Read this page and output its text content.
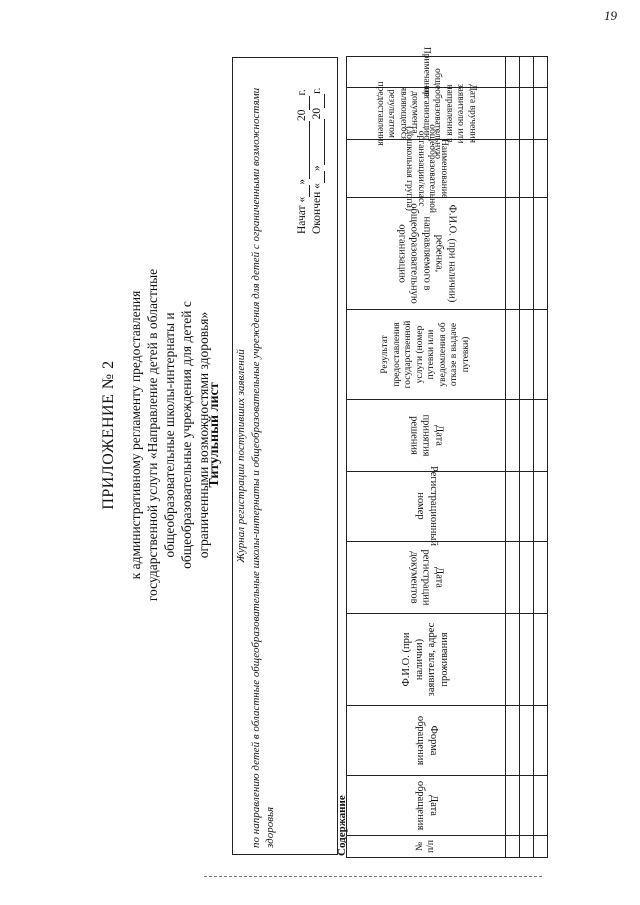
19
ПРИЛОЖЕНИЕ № 2 к административному регламенту предоставления государственной услуги «Направление детей в областные общеобразовательные школы-интернаты и общеобразовательные учреждения для детей с ограниченными возможностями здоровья»
Титульный лист Журнал регистрации поступивших заявлений по направлению детей в областные общеобразовательные школы-интернаты и общеобразовательные учреждения для детей с ограниченными возможностями здоровья
Начат «
»
20
г.
Окончен «
»
20
г.
Содержание	№ п/п
Дата обращения
Форма обращения
Ф.И.О. (при наличии) заявителя, адрес проживания
Дата регистрации документов
Регистрационный номер
Дата принятия решения
Результат предоставления государственной услуги (номер путевки или уведомления об отказе в выдаче путевки)
Ф.И.О. (при наличии) ребенка, направляемого в общеобразовательную организацию
Наименование общеобразовательной организации/класс (дошкольная группа)
Дата вручения заявителю или направления в общеобразовательную организацию документа, являющегося результатом предоставления
Примечание
